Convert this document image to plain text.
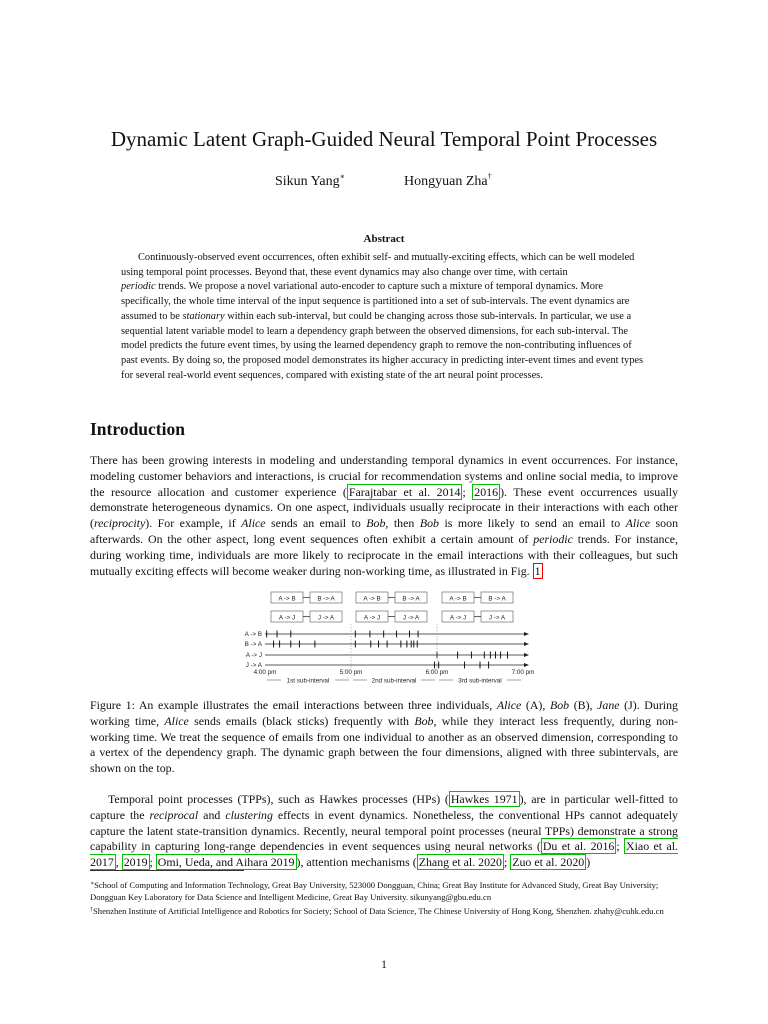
Dynamic Latent Graph-Guided Neural Temporal Point Processes
Sikun Yang∗	Hongyuan Zha†
Abstract
Continuously-observed event occurrences, often exhibit self- and mutually-exciting effects, which can be well modeled using temporal point processes. Beyond that, these event dynamics may also change over time, with certainperiodic trends. We propose a novel variational auto-encoder to capture such a mixture of temporal dynamics. More specifically, the whole time interval of the input sequence is partitioned into a set of sub-intervals. The event dynamics are assumed to be stationary within each sub-interval, but could be changing across those sub-intervals. In particular, we use a sequential latent variable model to learn a dependency graph between the observed dimensions, for each sub-interval. The model predicts the future event times, by using the learned dependency graph to remove the non-contributing influences of past events. By doing so, the proposed model demonstrates its higher accuracy in predicting inter-event times and event types for several real-world event sequences, compared with existing state of the art neural point processes.
Introduction
There has been growing interests in modeling and understanding temporal dynamics in event occurrences. For instance, modeling customer behaviors and interactions, is crucial for recommendation systems and online social media, to improve the resource allocation and customer experience ( Farajtabar et al. 2014 ; 2016 ). These event occurrences usually demonstrate heterogeneous dynamics. On one aspect, individuals usually reciprocate in their interactions with each other (reciprocity). For example, if Alice sends an email to Bob, then Bob is more likely to send an email to Alice soon afterwards. On the other aspect, long event sequences often exhibit a certain amount of periodic trends. For instance, during working time, individuals are more likely to reciprocate in the email interactions with their colleagues, but such mutually exciting effects will become weaker during non-working time, as illustrated in Fig. 1
A -> B	B -> A
A -> J	J -> A
A -> B	B -> A
A -> J	J -> A
A -> B	B -> A
A -> J	J -> A
A -> B
B -> A
A -> J
J -> A
4:00 pm	5:00 pm	6:00 pm	7:00 pm
1st sub-interval	2nd sub-interval	3rd sub-interval
Figure 1: An example illustrates the email interactions between three individuals, Alice (A), Bob (B), Jane (J). During working time, Alice sends emails (black sticks) frequently with Bob, while they interact less frequently, during non-working time. We treat the sequence of emails from one individual to another as an observed dimension, corresponding to a vertex of the dependency graph. The dynamic graph between the four dimensions, aligned with three subintervals, are shown on the top.
Temporal point processes (TPPs), such as Hawkes processes (HPs) ( Hawkes 1971 ), are in particular well-fitted to capture the reciprocal and clustering effects in event dynamics. Nonetheless, the conventional HPs cannot adequately capture the latent state-transition dynamics. Recently, neural temporal point processes (neural TPPs) demonstrate a strong capability in capturing long-range dependencies in event sequences using neural networks ( Du et al. 2016 ; Xiao et al. 2017 , 2019 ; Omi, Ueda, and Aihara 2019 ), attention mechanisms ( Zhang et al. 2020 ; Zuo et al. 2020 )
∗School of Computing and Information Technology, Great Bay University, 523000 Dongguan, China; Great Bay Institute for Advanced Study, Great Bay University; Dongguan Key Laboratory for Data Science and Intelligent Medicine, Great Bay University. sikunyang@gbu.edu.cn
†Shenzhen Institute of Artificial Intelligence and Robotics for Society; School of Data Science, The Chinese University of Hong Kong, Shenzhen. zhahy@cuhk.edu.cn
1
